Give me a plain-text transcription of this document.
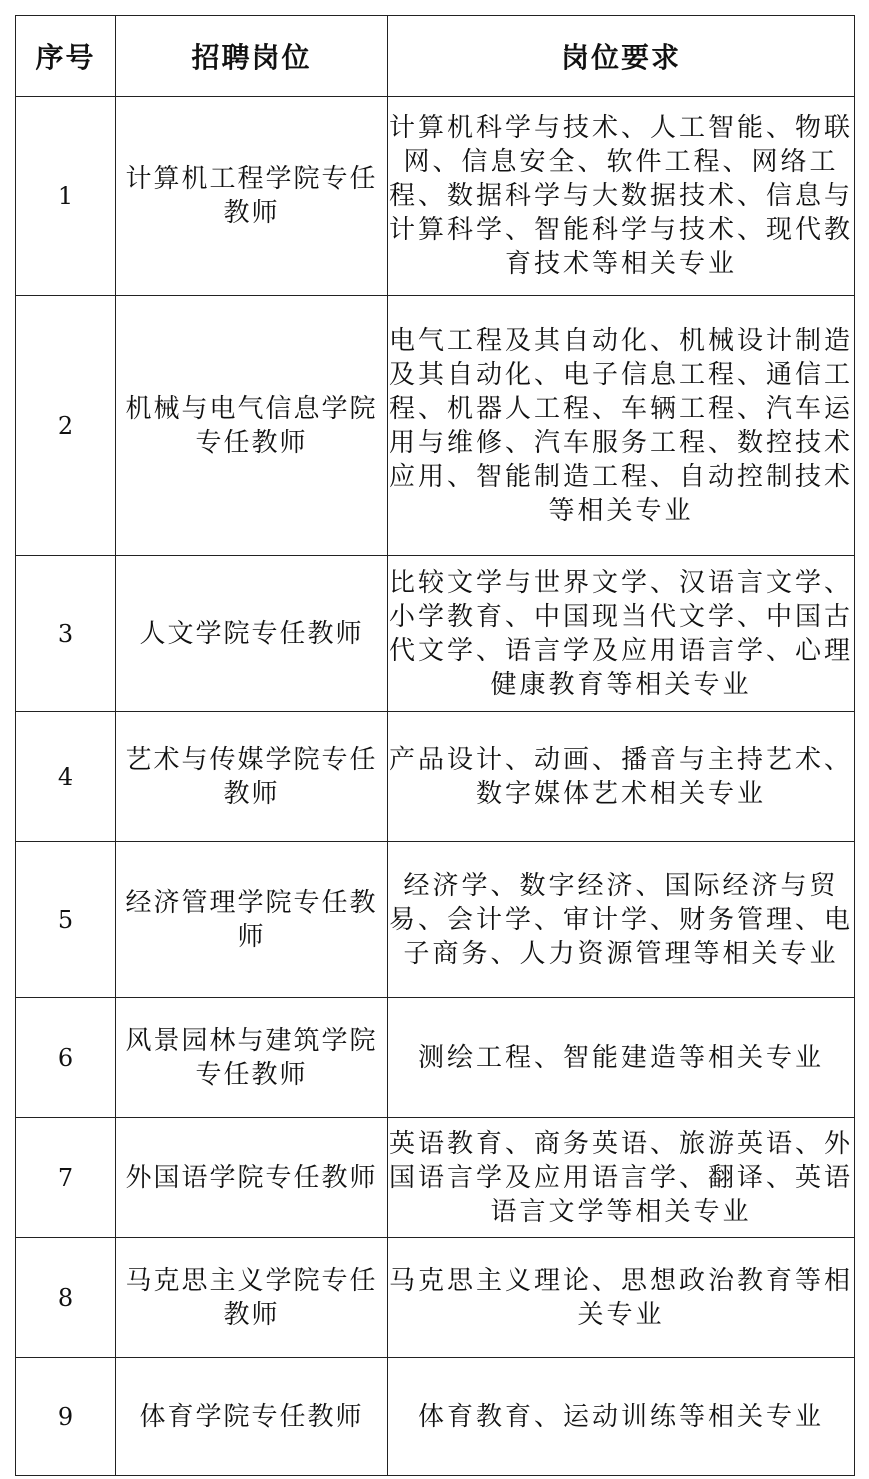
序号	招聘岗位	岗位要求
1	计算机工程学院专任教师	计算机科学与技术、人工智能、物联网、信息安全、软件工程、网络工程、数据科学与大数据技术、信息与计算科学、智能科学与技术、现代教育技术等相关专业

2	机械与电气信息学院专任教师	电气工程及其自动化、机械设计制造及其自动化、电子信息工程、通信工程、机器人工程、车辆工程、汽车运用与维修、汽车服务工程、数控技术应用、智能制造工程、自动控制技术等相关专业

3	人文学院专任教师	比较文学与世界文学、汉语言文学、小学教育、中国现当代文学、中国古代文学、语言学及应用语言学、心理健康教育等相关专业

4	艺术与传媒学院专任教师	产品设计、动画、播音与主持艺术、数字媒体艺术相关专业

5	经济管理学院专任教师	经济学、数字经济、国际经济与贸易、会计学、审计学、财务管理、电子商务、人力资源管理等相关专业

6	风景园林与建筑学院专任教师	测绘工程、智能建造等相关专业

7	外国语学院专任教师	英语教育、商务英语、旅游英语、外国语言学及应用语言学、翻译、英语语言文学等相关专业

8	马克思主义学院专任教师	马克思主义理论、思想政治教育等相关专业

9	体育学院专任教师	体育教育、运动训练等相关专业
